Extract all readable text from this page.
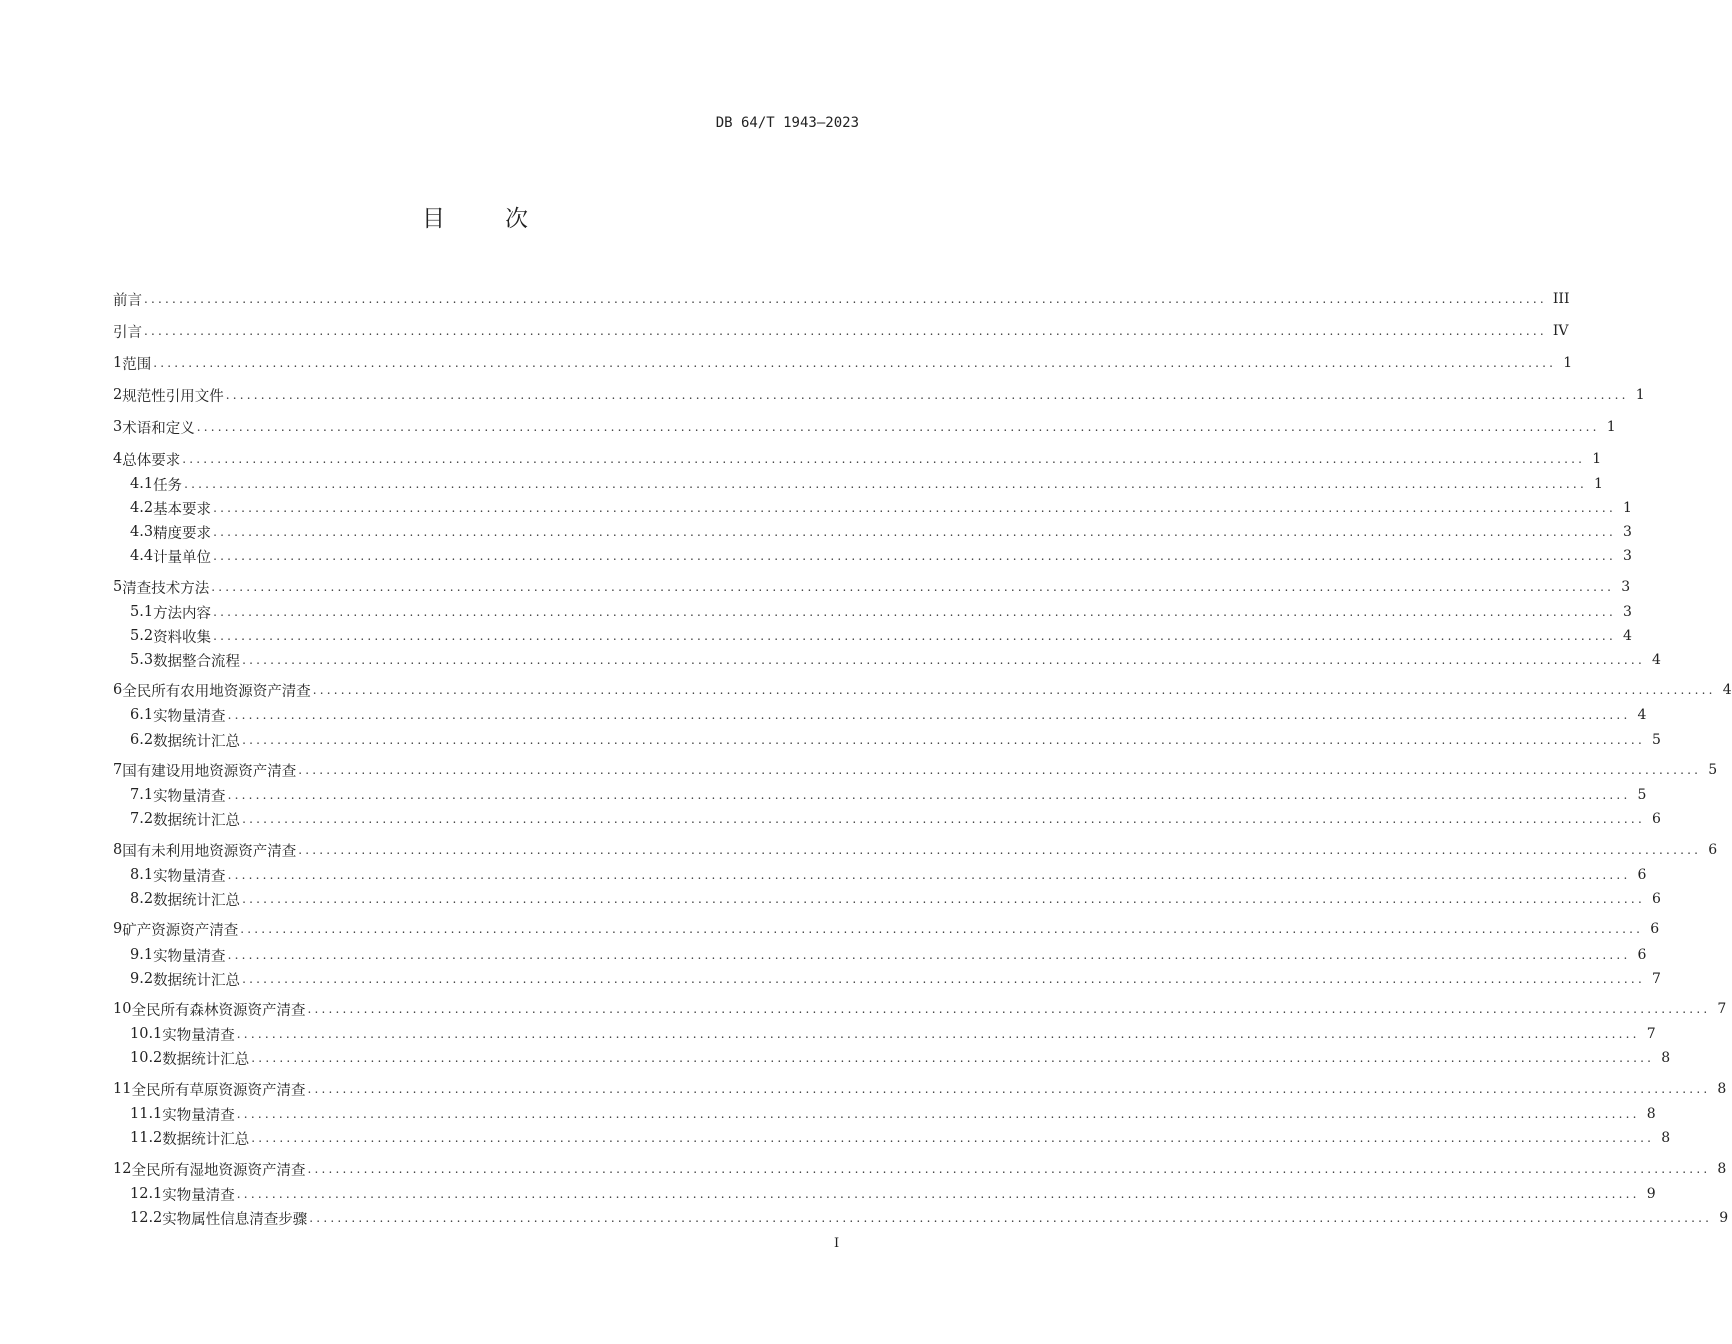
DB 64/T 1943—2023
目次
前言 ........................................................................................................................................................................................................ III
引言 ........................................................................................................................................................................................................ IV
1 范围 ........................................................................................................................................................................................................ 1
2 规范性引用文件 ........................................................................................................................................................................................................ 1
3 术语和定义 ........................................................................................................................................................................................................ 1
4 总体要求 ........................................................................................................................................................................................................ 1
4.1 任务 ........................................................................................................................................................................................................ 1
4.2 基本要求 ........................................................................................................................................................................................................ 1
4.3 精度要求 ........................................................................................................................................................................................................ 3
4.4 计量单位 ........................................................................................................................................................................................................ 3
5 清查技术方法 ........................................................................................................................................................................................................ 3
5.1 方法内容 ........................................................................................................................................................................................................ 3
5.2 资料收集 ........................................................................................................................................................................................................ 4
5.3 数据整合流程 ........................................................................................................................................................................................................ 4
6 全民所有农用地资源资产清查 ........................................................................................................................................................................................................ 4
6.1 实物量清查 ........................................................................................................................................................................................................ 4
6.2 数据统计汇总 ........................................................................................................................................................................................................ 5
7 国有建设用地资源资产清查 ........................................................................................................................................................................................................ 5
7.1 实物量清查 ........................................................................................................................................................................................................ 5
7.2 数据统计汇总 ........................................................................................................................................................................................................ 6
8 国有未利用地资源资产清查 ........................................................................................................................................................................................................ 6
8.1 实物量清查 ........................................................................................................................................................................................................ 6
8.2 数据统计汇总 ........................................................................................................................................................................................................ 6
9 矿产资源资产清查 ........................................................................................................................................................................................................ 6
9.1 实物量清查 ........................................................................................................................................................................................................ 6
9.2 数据统计汇总 ........................................................................................................................................................................................................ 7
10 全民所有森林资源资产清查 ........................................................................................................................................................................................................ 7
10.1 实物量清查 ........................................................................................................................................................................................................ 7
10.2 数据统计汇总 ........................................................................................................................................................................................................ 8
11 全民所有草原资源资产清查 ........................................................................................................................................................................................................ 8
11.1 实物量清查 ........................................................................................................................................................................................................ 8
11.2 数据统计汇总 ........................................................................................................................................................................................................ 8
12 全民所有湿地资源资产清查 ........................................................................................................................................................................................................ 8
12.1 实物量清查 ........................................................................................................................................................................................................ 9
12.2 实物属性信息清查步骤 ........................................................................................................................................................................................................ 9
I
